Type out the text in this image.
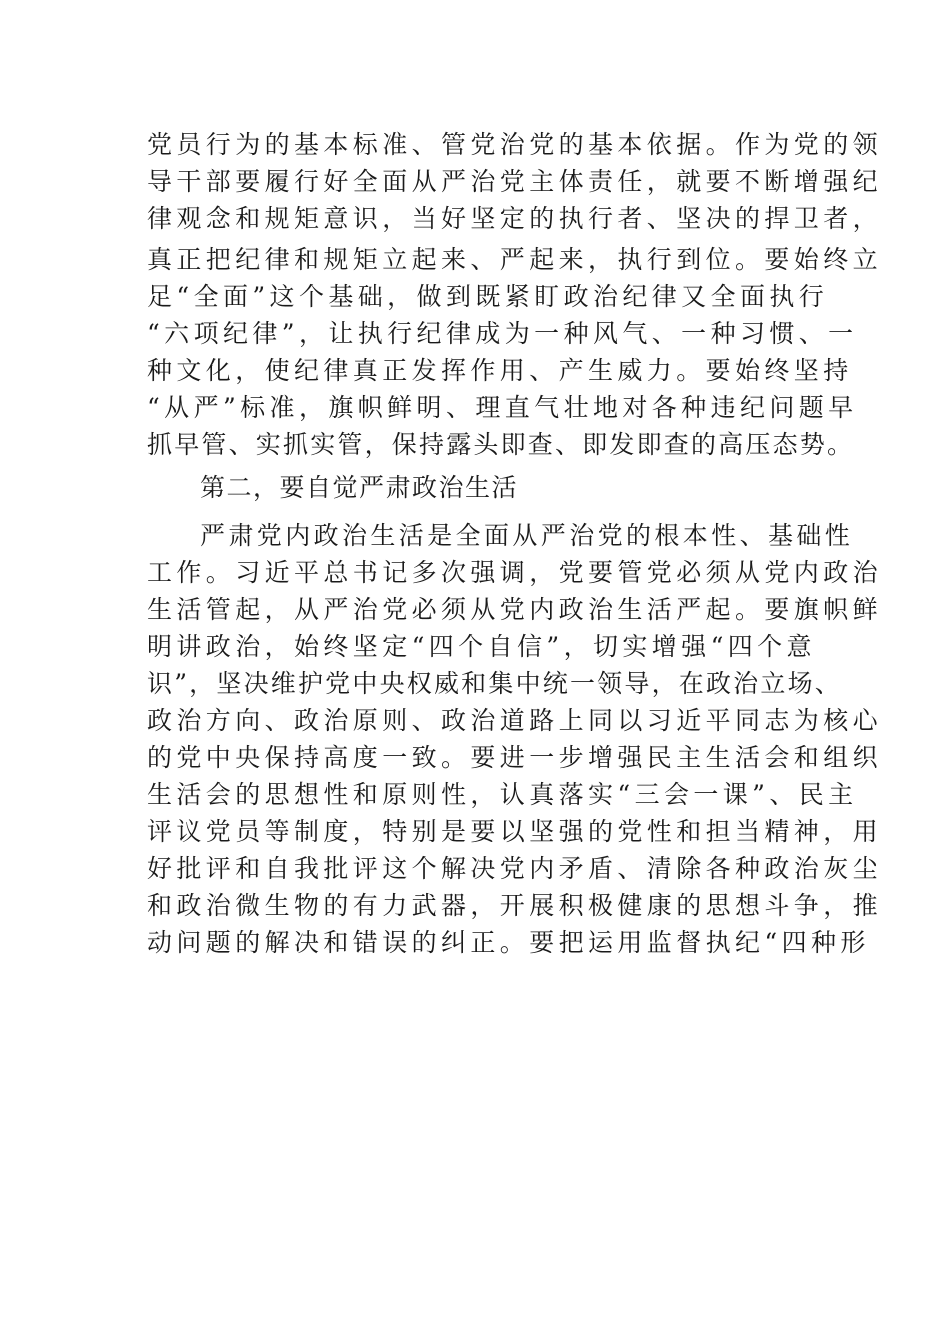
党员行为的基本标准、管党治党的基本依据。作为党的领
导干部要履行好全面从严治党主体责任，就要不断增强纪
律观念和规矩意识，当好坚定的执行者、坚决的捍卫者，
真正把纪律和规矩立起来、严起来，执行到位。要始终立
足“全面”这个基础，做到既紧盯政治纪律又全面执行
“六项纪律”，让执行纪律成为一种风气、一种习惯、一
种文化，使纪律真正发挥作用、产生威力。要始终坚持
“从严”标准，旗帜鲜明、理直气壮地对各种违纪问题早
抓早管、实抓实管，保持露头即查、即发即查的高压态势。
第二，要自觉严肃政治生活
严肃党内政治生活是全面从严治党的根本性、基础性
工作。习近平总书记多次强调，党要管党必须从党内政治
生活管起，从严治党必须从党内政治生活严起。要旗帜鲜
明讲政治，始终坚定“四个自信”，切实增强“四个意
识”，坚决维护党中央权威和集中统一领导，在政治立场、
政治方向、政治原则、政治道路上同以习近平同志为核心
的党中央保持高度一致。要进一步增强民主生活会和组织
生活会的思想性和原则性，认真落实“三会一课”、民主
评议党员等制度，特别是要以坚强的党性和担当精神，用
好批评和自我批评这个解决党内矛盾、清除各种政治灰尘
和政治微生物的有力武器，开展积极健康的思想斗争，推
动问题的解决和错误的纠正。要把运用监督执纪“四种形
